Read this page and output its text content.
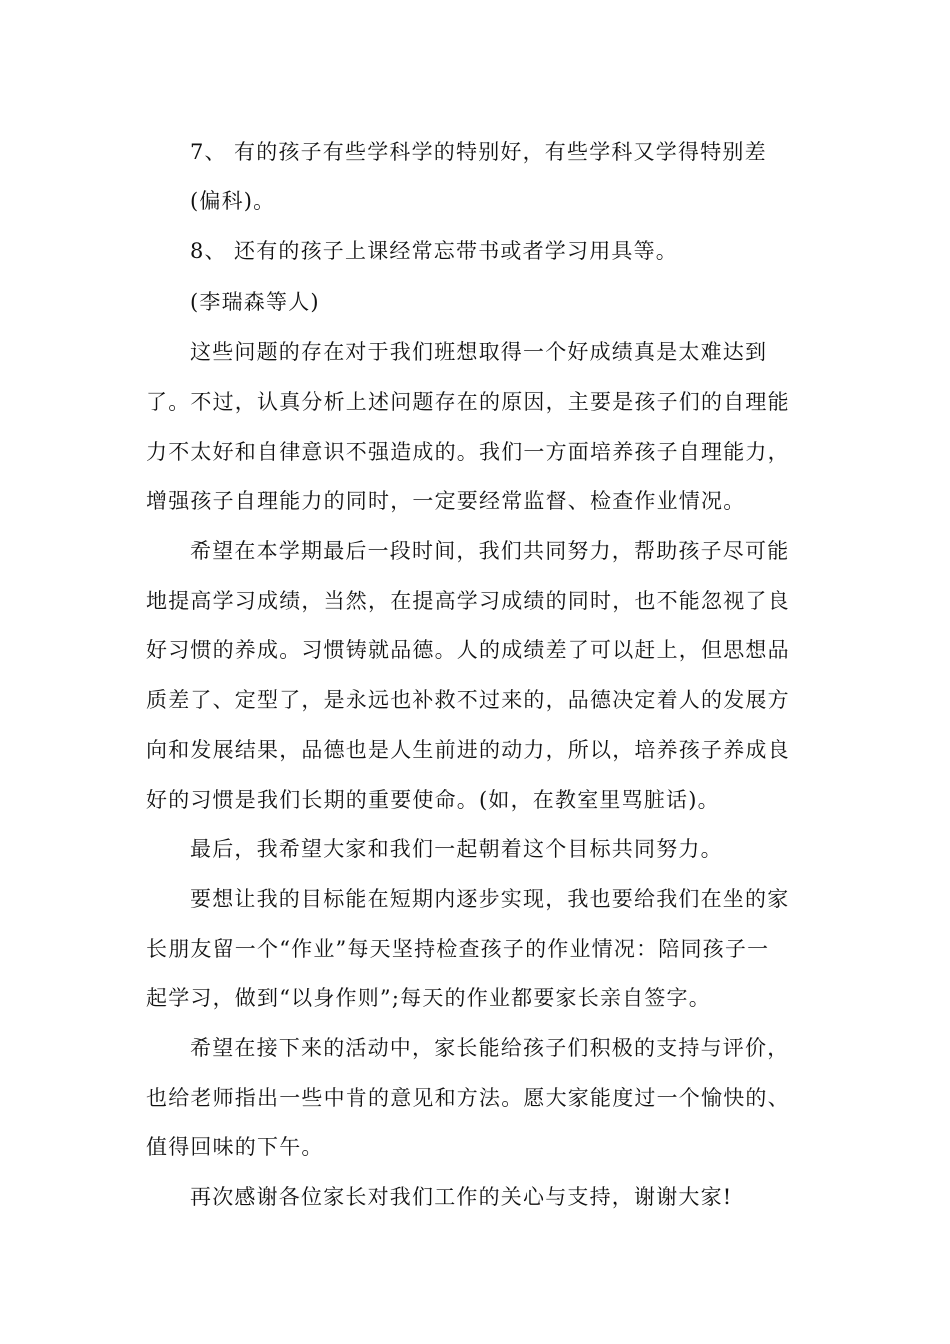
7、 有的孩子有些学科学的特别好，有些学科又学得特别差

(偏科)。

8、 还有的孩子上课经常忘带书或者学习用具等。

(李瑞森等人)

这些问题的存在对于我们班想取得一个好成绩真是太难达到

了。不过，认真分析上述问题存在的原因，主要是孩子们的自理能

力不太好和自律意识不强造成的。我们一方面培养孩子自理能力，

增强孩子自理能力的同时，一定要经常监督、检查作业情况。

希望在本学期最后一段时间，我们共同努力，帮助孩子尽可能

地提高学习成绩，当然，在提高学习成绩的同时，也不能忽视了良

好习惯的养成。习惯铸就品德。人的成绩差了可以赶上，但思想品

质差了、定型了，是永远也补救不过来的，品德决定着人的发展方

向和发展结果，品德也是人生前进的动力，所以，培养孩子养成良

好的习惯是我们长期的重要使命。(如，在教室里骂脏话)。

最后，我希望大家和我们一起朝着这个目标共同努力。

要想让我的目标能在短期内逐步实现，我也要给我们在坐的家

长朋友留一个“作业”每天坚持检查孩子的作业情况：陪同孩子一

起学习，做到“以身作则”;每天的作业都要家长亲自签字。

希望在接下来的活动中，家长能给孩子们积极的支持与评价，

也给老师指出一些中肯的意见和方法。愿大家能度过一个愉快的、

值得回味的下午。

再次感谢各位家长对我们工作的关心与支持，谢谢大家!
